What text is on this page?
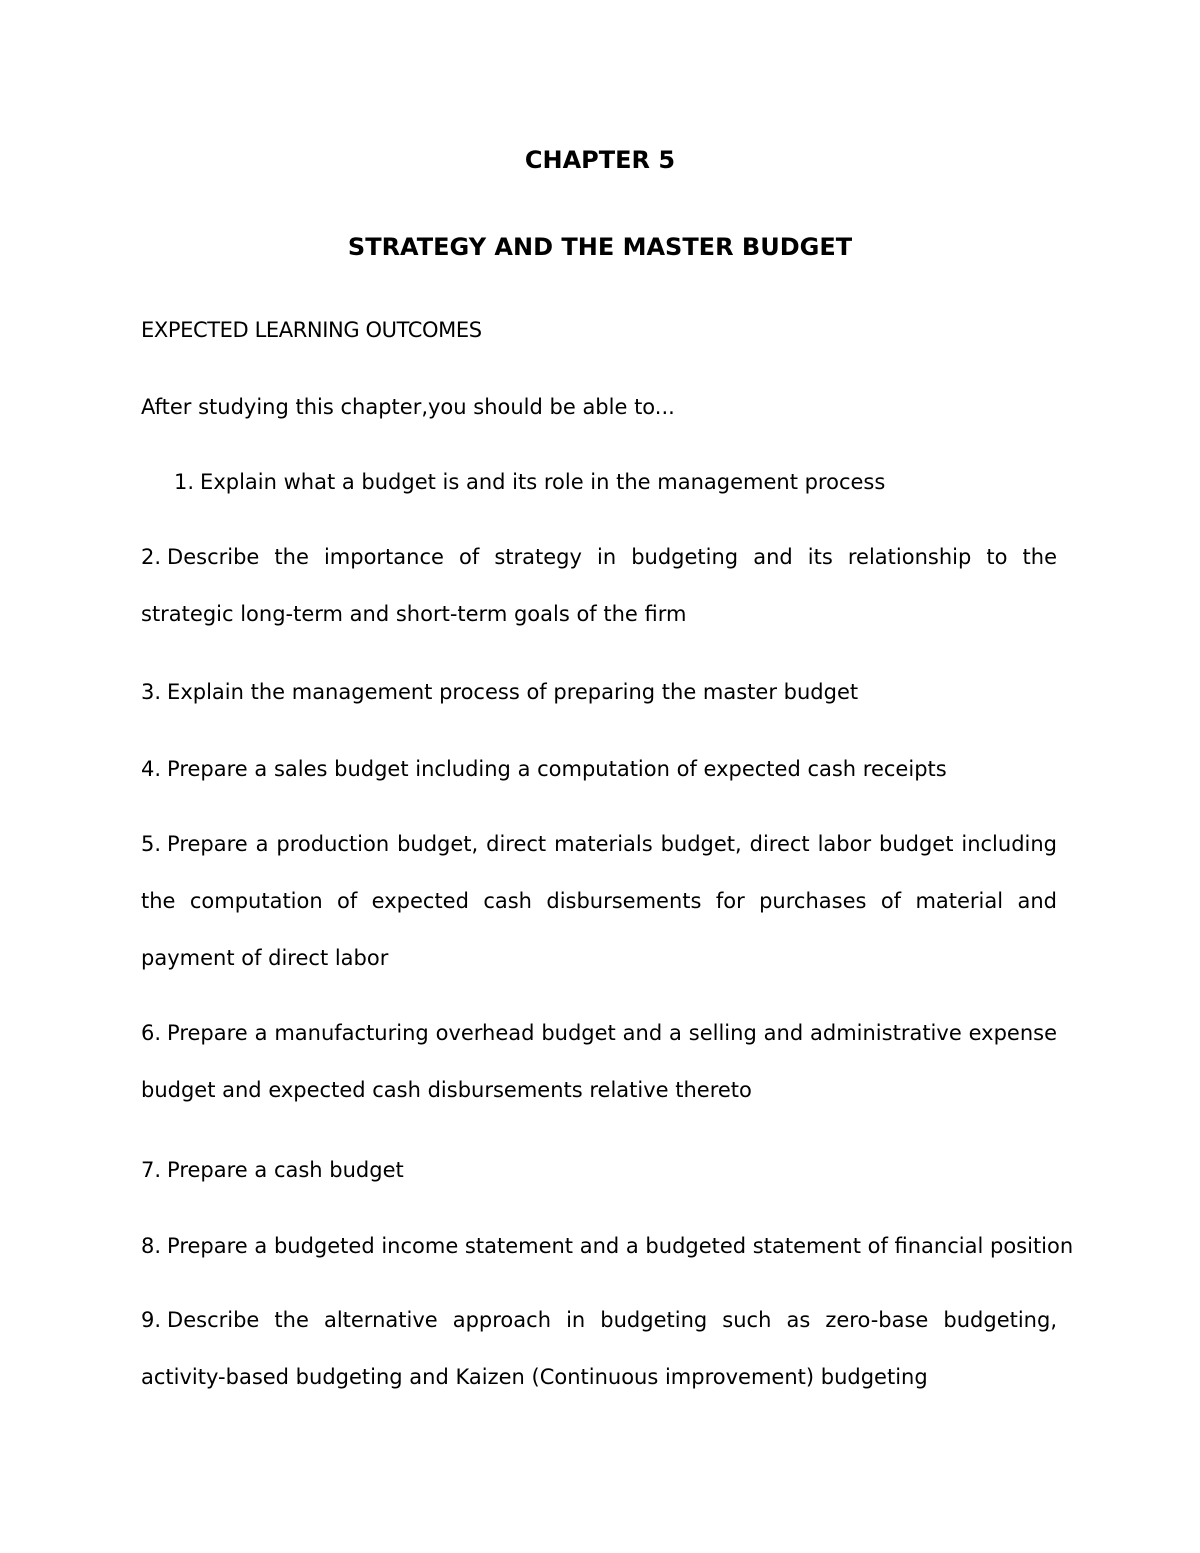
CHAPTER 5
STRATEGY AND THE MASTER BUDGET
EXPECTED LEARNING OUTCOMES
After studying this chapter,you should be able to...
1. Explain what a budget is and its role in the management process
2. Describe the importance of strategy in budgeting and its relationship to the strategic long-term and short-term goals of the firm
3. Explain the management process of preparing the master budget
4. Prepare a sales budget including a computation of expected cash receipts
5. Prepare a production budget, direct materials budget, direct labor budget including the computation of expected cash disbursements for purchases of material and payment of direct labor
6. Prepare a manufacturing overhead budget and a selling and administrative expense budget and expected cash disbursements relative thereto
7. Prepare a cash budget
8. Prepare a budgeted income statement and a budgeted statement of financial position
9. Describe the alternative approach in budgeting such as zero-base budgeting, activity-based budgeting and Kaizen (Continuous improvement) budgeting
